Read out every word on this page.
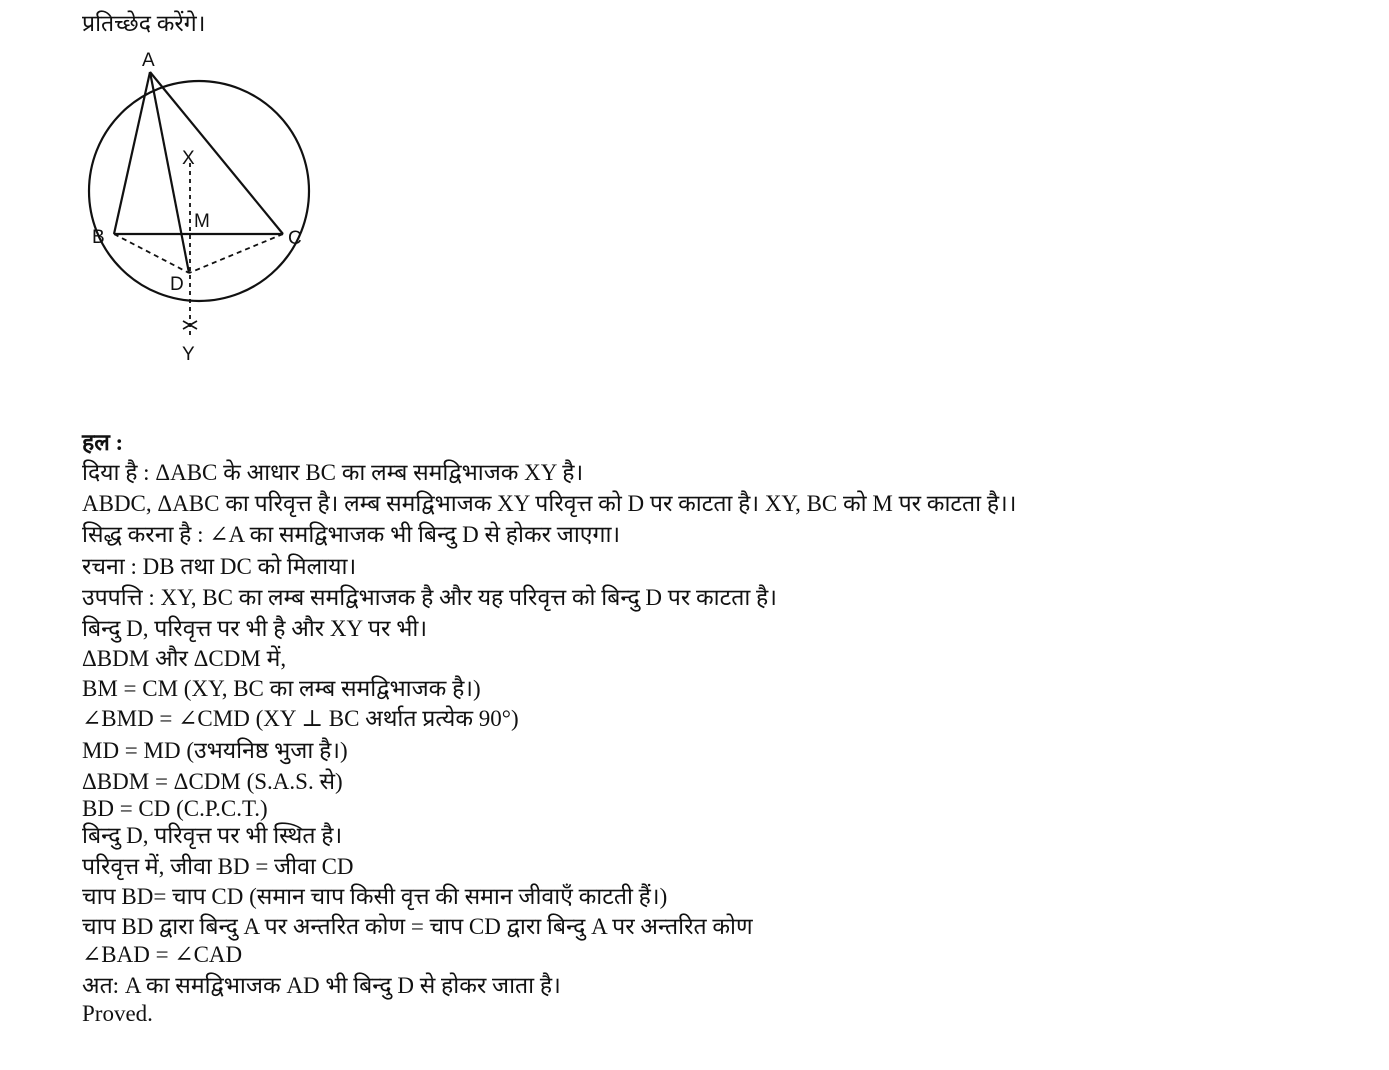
प्रतिच्छेद करेंगे।
A
B	C
D
M
X
Y
हल :
दिया है : ΔABC के आधार BC का लम्ब समद्विभाजक XY है।
ABDC, ΔABC का परिवृत्त है। लम्ब समद्विभाजक XY परिवृत्त को D पर काटता है। XY, BC को M पर काटता है।।
सिद्ध करना है : ∠A का समद्विभाजक भी बिन्दु D से होकर जाएगा।
रचना : DB तथा DC को मिलाया।
उपपत्ति : XY, BC का लम्ब समद्विभाजक है और यह परिवृत्त को बिन्दु D पर काटता है।
बिन्दु D, परिवृत्त पर भी है और XY पर भी।
ΔBDM और ΔCDM में,
BM = CM (XY, BC का लम्ब समद्विभाजक है।)
∠BMD = ∠CMD (XY ⊥ BC अर्थात प्रत्येक 90°)
MD = MD (उभयनिष्ठ भुजा है।)
ΔBDM = ΔCDM (S.A.S. से)
BD = CD (C.P.C.T.)
बिन्दु D, परिवृत्त पर भी स्थित है।
परिवृत्त में, जीवा BD = जीवा CD
चाप BD= चाप CD (समान चाप किसी वृत्त की समान जीवाएँ काटती हैं।)
चाप BD द्वारा बिन्दु A पर अन्तरित कोण = चाप CD द्वारा बिन्दु A पर अन्तरित कोण
∠BAD = ∠CAD
अत: A का समद्विभाजक AD भी बिन्दु D से होकर जाता है।
Proved.
